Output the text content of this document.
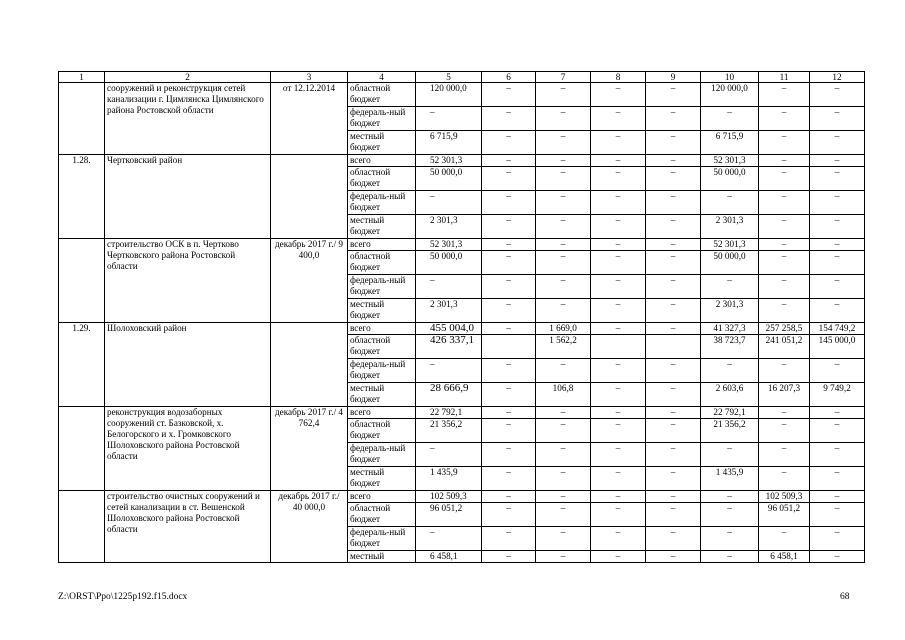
1	2	3	4	5	6	7	8	9	10	11	12
	сооружений и реконструкция сетей канализации г. Цимлянска Цимлянского района Ростовской области	от 12.12.2014	областной бюджет	120 000,0	–	–	–	–	120 000,0	–	–
			федераль-ный бюджет	–	–	–	–	–	–	–	–
			местный бюджет	6 715,9	–	–	–	–	6 715,9	–	–
1.28.	Чертковский район		всего	52 301,3	–	–	–	–	52 301,3	–	–
			областной бюджет	50 000,0	–	–	–	–	50 000,0	–	–
			федераль-ный бюджет	–	–	–	–	–	–	–	–
			местный бюджет	2 301,3	–	–	–	–	2 301,3	–	–
	строительство ОСК в п. Чертково Чертковского района Ростовской области	декабрь 2017 г./ 9 400,0	всего	52 301,3	–	–	–	–	52 301,3	–	–
			областной бюджет	50 000,0	–	–	–	–	50 000,0	–	–
			федераль-ный бюджет	–	–	–	–	–	–	–	–
			местный бюджет	2 301,3	–	–	–	–	2 301,3	–	–
1.29.	Шолоховский район		всего	455 004,0	–	1 669,0	–	–	41 327,3	257 258,5	154 749,2
			областной бюджет	426 337,1		1 562,2			38 723,7	241 051,2	145 000,0
			федераль-ный бюджет	–	–	–	–	–	–	–	–
			местный бюджет	28 666,9	–	106,8	–	–	2 603,6	16 207,3	9 749,2
	реконструкция водозаборных сооружений ст. Базковской, х. Белогорского и х. Громковского Шолоховского района Ростовской области	декабрь 2017 г./ 4 762,4	всего	22 792,1	–	–	–	–	22 792,1	–	–
			областной бюджет	21 356,2	–	–	–	–	21 356,2	–	–
			федераль-ный бюджет	–	–	–	–	–	–	–	–
			местный бюджет	1 435,9	–	–	–	–	1 435,9	–	–
	строительство очистных сооружений и сетей канализации в ст. Вешенской Шолоховского района Ростовской области	декабрь 2017 г./ 40 000,0	всего	102 509,3	–	–	–	–	–	102 509,3	–
			областной бюджет	96 051,2	–	–	–	–	–	96 051,2	–
			федераль-ный бюджет	–	–	–	–	–	–	–	–
			местный	6 458,1	–	–	–	–	–	6 458,1	–
Z:\ORST\Ppo\1225p192.f15.docx	68
